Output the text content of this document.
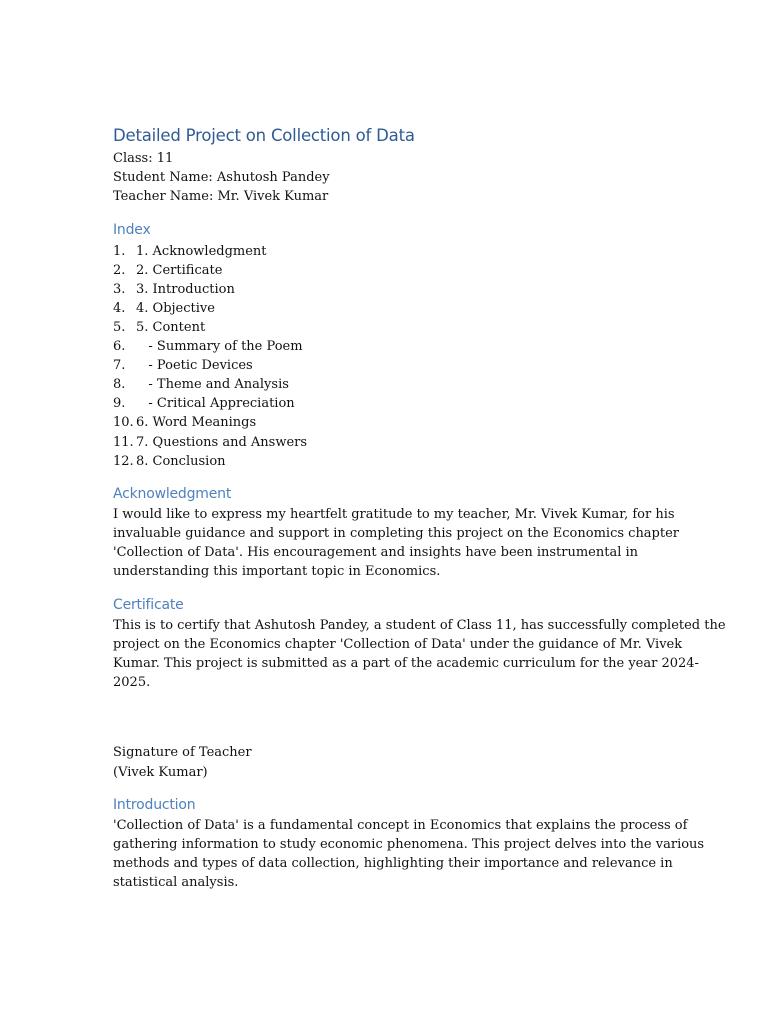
Detailed Project on Collection of Data

Class: 11

Student Name: Ashutosh Pandey

Teacher Name: Mr. Vivek Kumar

Index
1. 1. Acknowledgment
2. 2. Certificate
3. 3. Introduction
4. 4. Objective
5. 5. Content
6. - Summary of the Poem
7. - Poetic Devices
8. - Theme and Analysis
9. - Critical Appreciation
10. 6. Word Meanings
11. 7. Questions and Answers
12. 8. Conclusion
Acknowledgment
I would like to express my heartfelt gratitude to my teacher, Mr. Vivek Kumar, for his
invaluable guidance and support in completing this project on the Economics chapter
'Collection of Data'. His encouragement and insights have been instrumental in
understanding this important topic in Economics.
Certificate
This is to certify that Ashutosh Pandey, a student of Class 11, has successfully completed the
project on the Economics chapter 'Collection of Data' under the guidance of Mr. Vivek
Kumar. This project is submitted as a part of the academic curriculum for the year 2024-
2025.

Signature of Teacher

(Vivek Kumar)

Introduction
'Collection of Data' is a fundamental concept in Economics that explains the process of
gathering information to study economic phenomena. This project delves into the various
methods and types of data collection, highlighting their importance and relevance in
statistical analysis.
